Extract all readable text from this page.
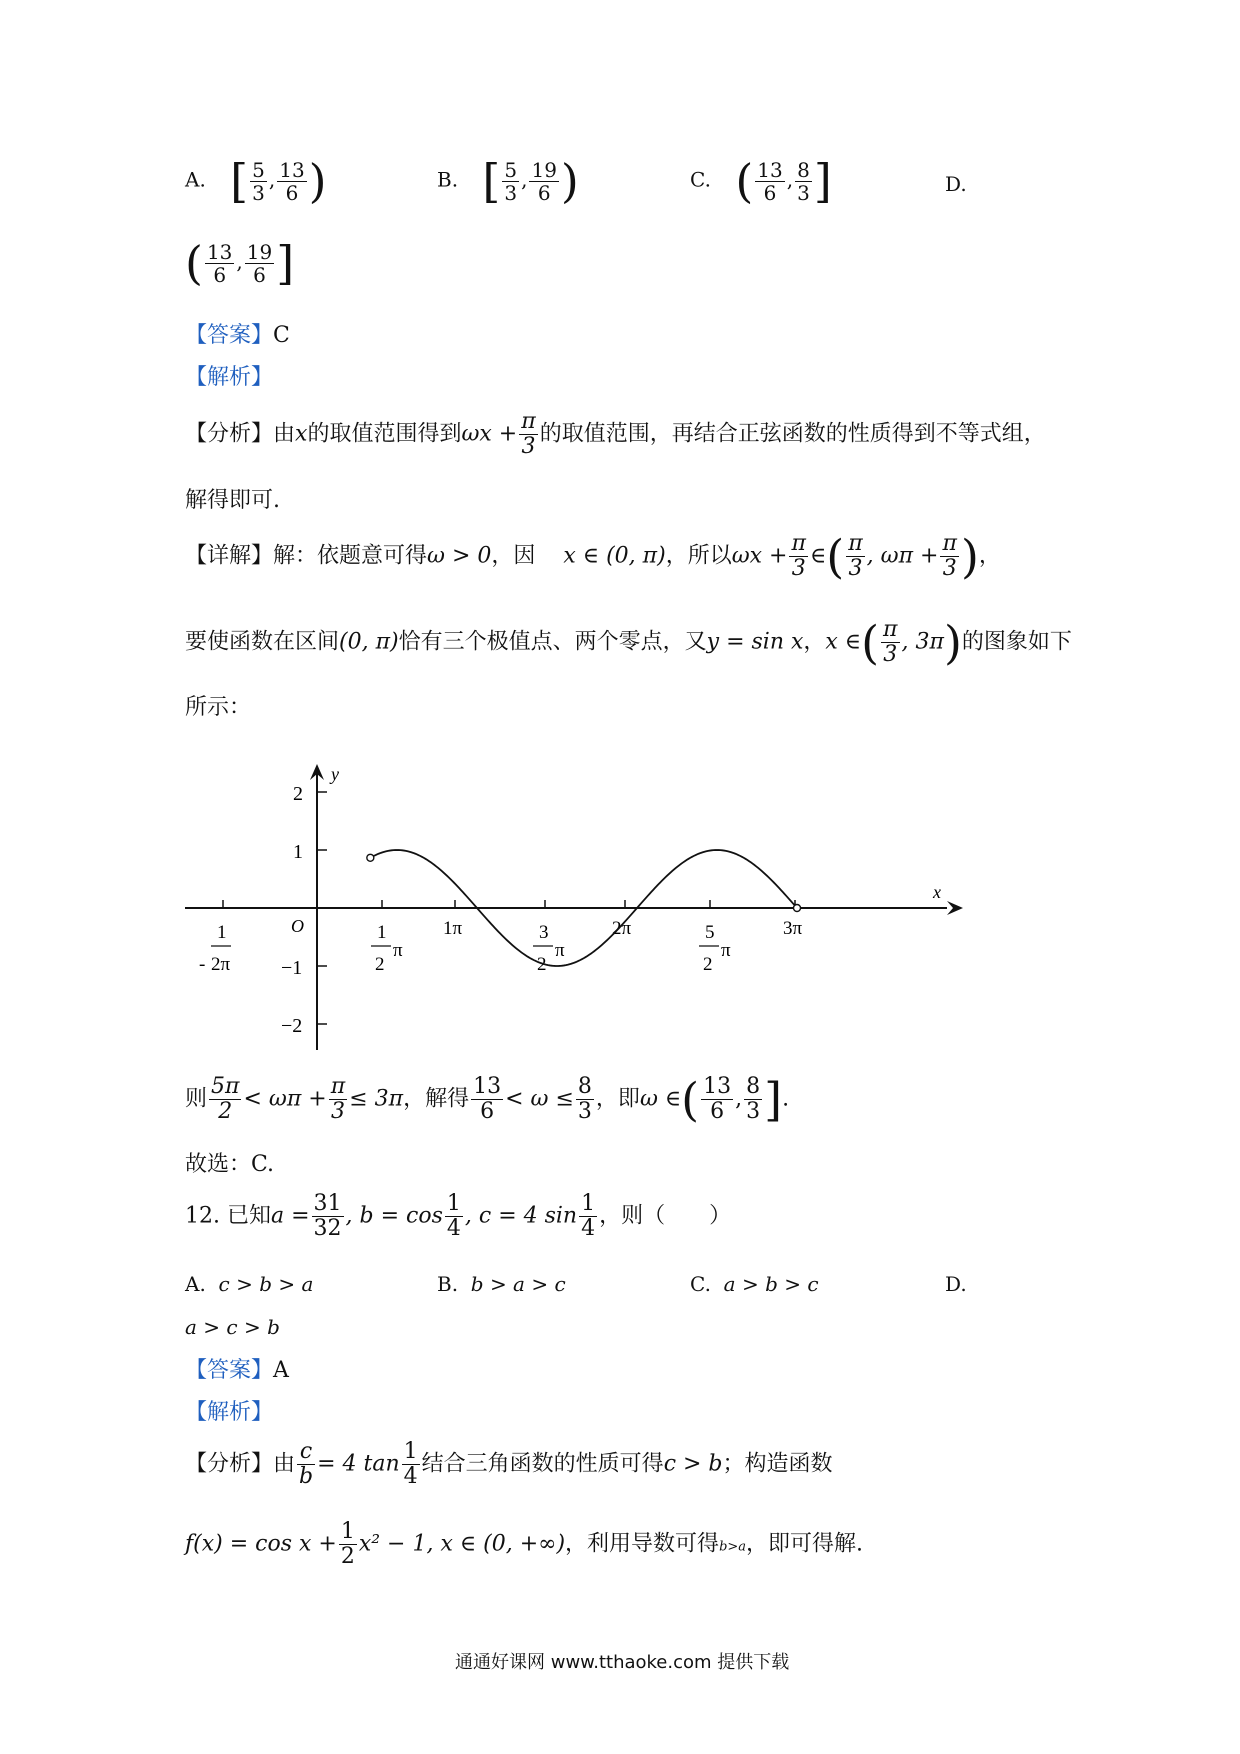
A. [ $\frac{5}{3}$ , $\frac{13}{6}$ )	B. [ $\frac{5}{3}$ , $\frac{19}{6}$ )	C. ( $\frac{13}{6}$ , $\frac{8}{3}$ ]	D.
( $\frac{13}{6}$ , $\frac{19}{6}$ ]
【答案】C
【解析】
【分析】由x的取值范围得到$\omega x + \frac{\pi}{3}$ 的取值范围，再结合正弦函数的性质得到不等式组，
解得即可.
【详解】解：依题意可得ω > 0，因 x ∈ (0, π)，所以$\omega x + \frac{\pi}{3}$ ∈( $\frac{\pi}{3}$ , $\omega\pi + \frac{\pi}{3}$ )，
要使函数在区间(0, π)恰有三个极值点、两个零点，又y = sin x，x ∈( $\frac{\pi}{3}$ , 3π)的图象如下
所示：
y
x
O
2
1
−1
−2
1
- 2π
1
2
π
1π	3
2
π
2π	5
2
π
3π
则 $\frac{5\pi}{2} < \omega\pi + \frac{\pi}{3} \le 3\pi$，解得 $\frac{13}{6} < \omega \le \frac{8}{3}$ ，即ω ∈( $\frac{13}{6}$ , $\frac{8}{3}$ ].
故选：C.
12. 已知$a = \frac{31}{32}$ , $b = \cos \frac{1}{4}$ , c = 4 $\sin \frac{1}{4}$ ，则（　　）
A. c > b > a	B. b > a > c	C. a > b > c	D.
a > c > b
【答案】A
【解析】
【分析】由 $\frac{c}{b} = 4$ $\tan \frac{1}{4}$ 结合三角函数的性质可得c > b；构造函数
$f(x) = \cos x + \frac{1}{2} x^2 - 1$, x ∈ (0, +∞)，利用导数可得b>a，即可得解.
通通好课网 www.tthaoke.com 提供下载
